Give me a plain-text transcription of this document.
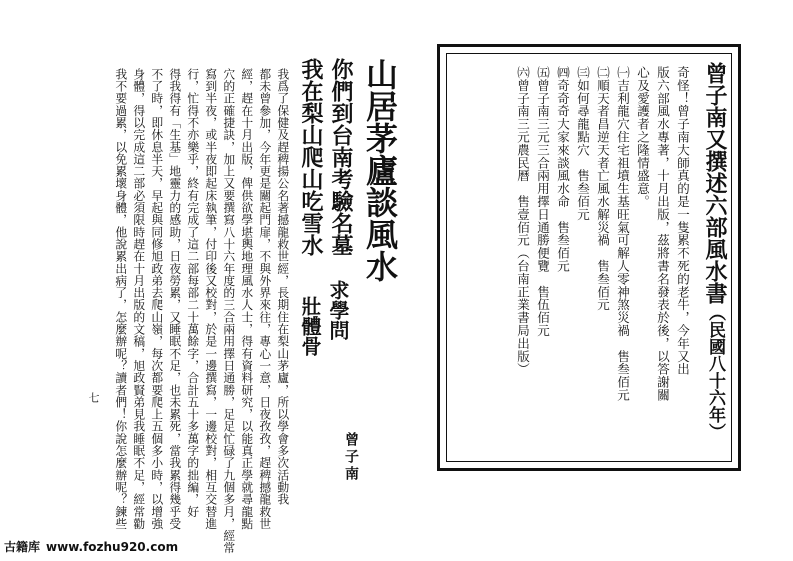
曾子南又撰述六部風水書（民國八十六年）
奇怪！曾子南大師真的是一隻累不死的老牛，今年又出
版六部風水專著，十月出版，茲將書名發表於後，以答謝關
心及愛護者之隆情盛意。
㈠吉利龍穴住宅祖墳生基旺氣可解人零神煞災禍　售叁佰元
㈡順天者昌逆天者亡風水解災禍　售叁佰元
㈢如何尋龍點穴　售叁佰元
㈣奇奇奇大家來談風水命　售叁佰元
㈤曾子南三元三合兩用擇日通勝便覽　售伍佰元
㈥曾子南三元農民曆　售壹佰元（台南正業書局出版）
山居茅廬談風水
你們到台南考驗名墓
我在梨山爬山吃雪水
求學問
壯體骨
曾子南
我爲了保健及趕稗揚公名著撼龍救世經，長期住在梨山茅廬，所以學會多次活動我
都未曾參加，今年更是關起門扉，不與外界來往，專心一意，日夜孜孜，趕稗撼龍救世
經，趕在十月出版，俾供欲學堪輿地理風水人士，得有資料研究，以能真正學就尋龍點
穴的正確捷訣，加上又要撰寫八十六年度的三合兩用擇日通勝，足足忙碌了九個多月，經常
寫到半夜，或半夜即起床執筆，付印後又校對，於是一邊撰寫，一邊校對，相互交替進
行，忙得不亦樂乎，終有完成了這二部每部二十萬餘字，合計五十多萬字的拙編，好
得我得有「生基」地靈力的感助，日夜勞累，又睡眠不足，也未累死，當我累得幾乎受
不了時，即休息半天，早起與同修旭政弟去爬山嶺，每次都要爬上五個多小時，以增強
身體，得以完成這二部必須限時趕在十月出版的文稿，旭政賢弟見我睡眠不足，經常勸
我不要過累，以免累壞身體，他說累出病了，怎麼辦呢？讀者們！你說怎麼辦呢？鍊些
七
古籍库 www.fozhu920.com
